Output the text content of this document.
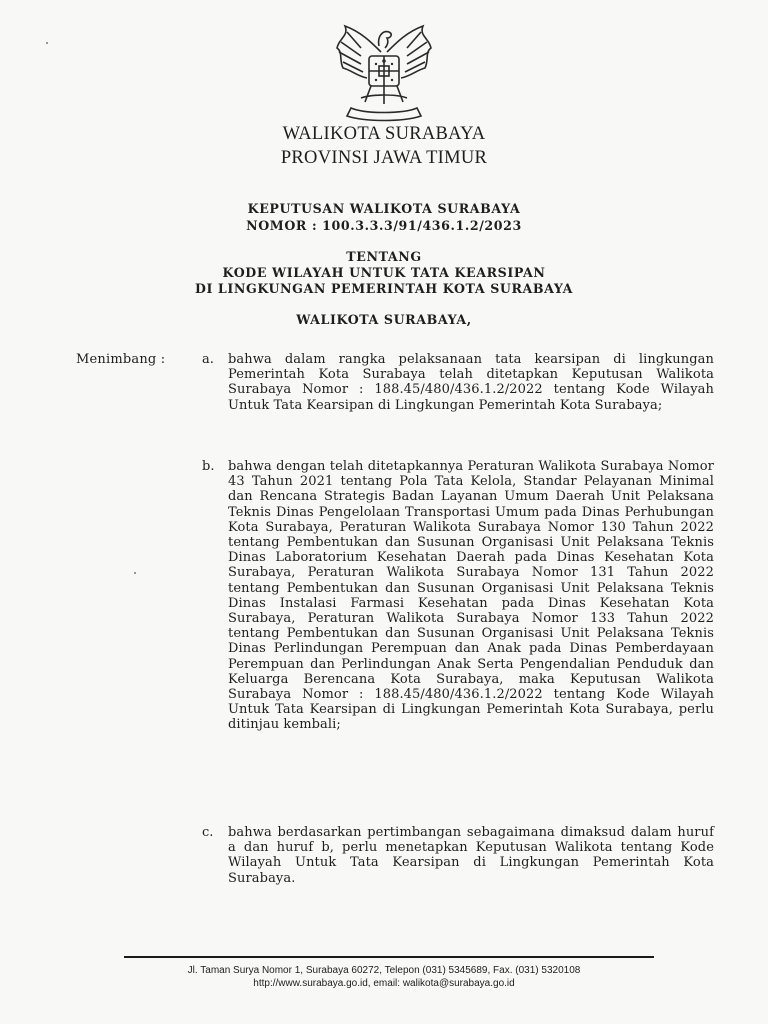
WALIKOTA SURABAYA
PROVINSI JAWA TIMUR
KEPUTUSAN WALIKOTA SURABAYA
NOMOR : 100.3.3.3/91/436.1.2/2023
TENTANG
KODE WILAYAH UNTUK TATA KEARSIPAN
DI LINGKUNGAN PEMERINTAH KOTA SURABAYA
WALIKOTA SURABAYA,
Menimbang :	a. bahwa dalam rangka pelaksanaan tata kearsipan di lingkungan Pemerintah Kota Surabaya telah ditetapkan Keputusan Walikota Surabaya Nomor : 188.45/480/436.1.2/2022 tentang Kode Wilayah Untuk Tata Kearsipan di Lingkungan Pemerintah Kota Surabaya;
b. bahwa dengan telah ditetapkannya Peraturan Walikota Surabaya Nomor 43 Tahun 2021 tentang Pola Tata Kelola, Standar Pelayanan Minimal dan Rencana Strategis Badan Layanan Umum Daerah Unit Pelaksana Teknis Dinas Pengelolaan Transportasi Umum pada Dinas Perhubungan Kota Surabaya, Peraturan Walikota Surabaya Nomor 130 Tahun 2022 tentang Pembentukan dan Susunan Organisasi Unit Pelaksana Teknis Dinas Laboratorium Kesehatan Daerah pada Dinas Kesehatan Kota Surabaya, Peraturan Walikota Surabaya Nomor 131 Tahun 2022 tentang Pembentukan dan Susunan Organisasi Unit Pelaksana Teknis Dinas Instalasi Farmasi Kesehatan pada Dinas Kesehatan Kota Surabaya, Peraturan Walikota Surabaya Nomor 133 Tahun 2022 tentang Pembentukan dan Susunan Organisasi Unit Pelaksana Teknis Dinas Perlindungan Perempuan dan Anak pada Dinas Pemberdayaan Perempuan dan Perlindungan Anak Serta Pengendalian Penduduk dan Keluarga Berencana Kota Surabaya, maka Keputusan Walikota Surabaya Nomor : 188.45/480/436.1.2/2022 tentang Kode Wilayah Untuk Tata Kearsipan di Lingkungan Pemerintah Kota Surabaya, perlu ditinjau kembali;
c. bahwa berdasarkan pertimbangan sebagaimana dimaksud dalam huruf a dan huruf b, perlu menetapkan Keputusan Walikota tentang Kode Wilayah Untuk Tata Kearsipan di Lingkungan Pemerintah Kota Surabaya.
Jl. Taman Surya Nomor 1, Surabaya 60272, Telepon (031) 5345689, Fax. (031) 5320108
http://www.surabaya.go.id, email: walikota@surabaya.go.id
